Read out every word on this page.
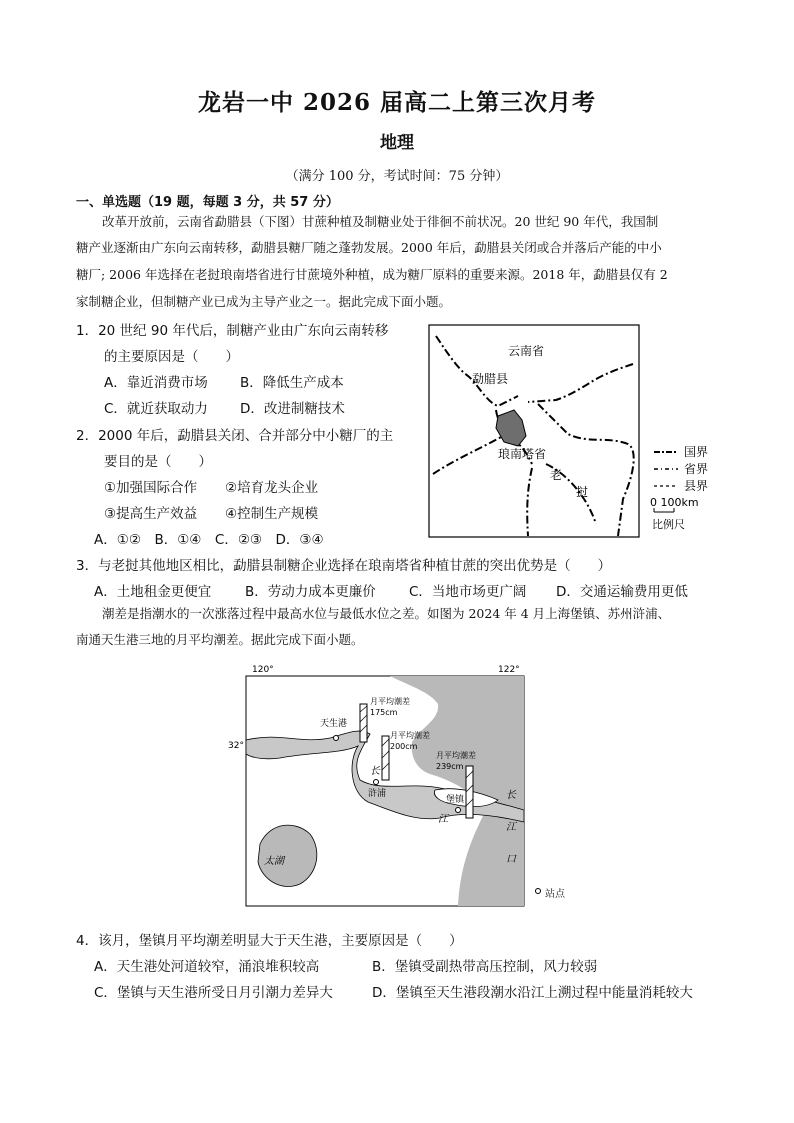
龙岩一中 2026 届高二上第三次月考
地理
（满分 100 分，考试时间：75 分钟）
一、单选题（19 题，每题 3 分，共 57 分）
改革开放前，云南省勐腊县（下图）甘蔗种植及制糖业处于徘徊不前状况。20 世纪 90 年代，我国制
糖产业逐渐由广东向云南转移，勐腊县糖厂随之蓬勃发展。2000 年后，勐腊县关闭或合并落后产能的中小
糖厂; 2006 年选择在老挝琅南塔省进行甘蔗境外种植，成为糖厂原料的重要来源。2018 年，勐腊县仅有 2
家制糖企业，但制糖产业已成为主导产业之一。据此完成下面小题。
1．20 世纪 90 年代后，制糖产业由广东向云南转移
的主要原因是（　　）
A．靠近消费市场 B．降低生产成本
C．就近获取动力 D．改进制糖技术
2．2000 年后，勐腊县关闭、合并部分中小糖厂的主
要目的是（　　）
①加强国际合作 ②培育龙头企业
③提高生产效益 ④控制生产规模
A．①②　B．①④　C．②③　D．③④
云南省
勐腊县
琅南塔省
老
挝
国界
省界
县界
0 100km
比例尺
3．与老挝其他地区相比，勐腊县制糖企业选择在琅南塔省种植甘蔗的突出优势是（　　）
A．土地租金更便宜	B．劳动力成本更廉价 C．当地市场更广阔 D．交通运输费用更低
潮差是指潮水的一次涨落过程中最高水位与最低水位之差。如图为 2024 年 4 月上海堡镇、苏州浒浦、
南通天生港三地的月平均潮差。据此完成下面小题。
120°	122°
32°
太湖
月平均潮差
175cm
月平均潮差
200cm
月平均潮差
239cm
天生港
浒浦
堡镇
长
江
长
江
口
站点
4．该月，堡镇月平均潮差明显大于天生港，主要原因是（　　）
A．天生港处河道较窄，涌浪堆积较高	B．堡镇受副热带高压控制，风力较弱
C．堡镇与天生港所受日月引潮力差异大	D．堡镇至天生港段潮水沿江上溯过程中能量消耗较大
